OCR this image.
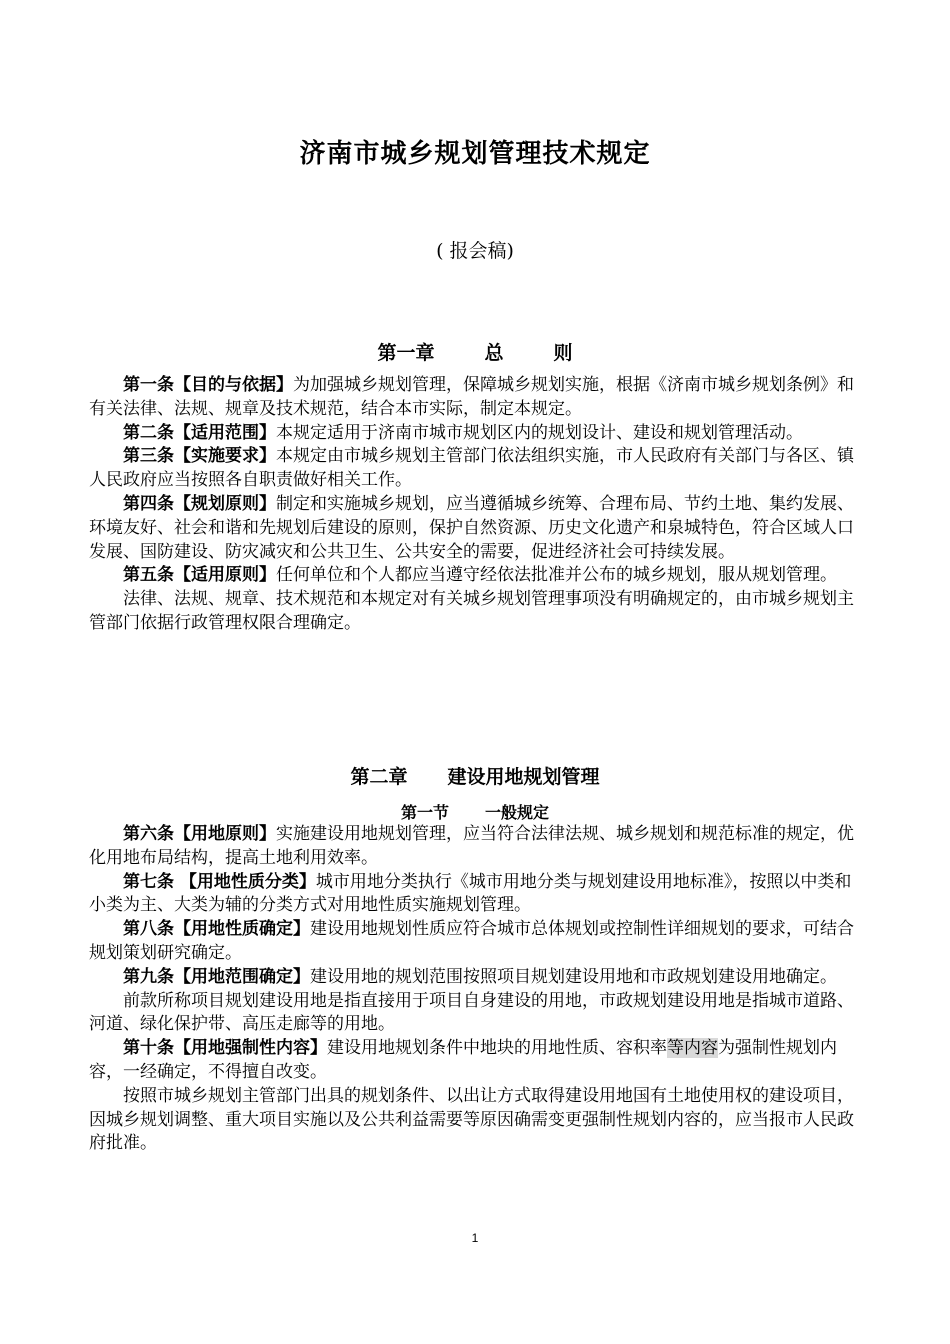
济南市城乡规划管理技术规定
( 报会稿)
第一章	总	则

第一条【目的与依据】为加强城乡规划管理，保障城乡规划实施，根据《济南市城乡规划条例》和有关法律、法规、规章及技术规范，结合本市实际，制定本规定。

第二条【适用范围】本规定适用于济南市城市规划区内的规划设计、建设和规划管理活动。

第三条【实施要求】本规定由市城乡规划主管部门依法组织实施，市人民政府有关部门与各区、镇人民政府应当按照各自职责做好相关工作。

第四条【规划原则】制定和实施城乡规划，应当遵循城乡统筹、合理布局、节约土地、集约发展、环境友好、社会和谐和先规划后建设的原则，保护自然资源、历史文化遗产和泉城特色，符合区域人口发展、国防建设、防灾减灾和公共卫生、公共安全的需要，促进经济社会可持续发展。

第五条【适用原则】任何单位和个人都应当遵守经依法批准并公布的城乡规划，服从规划管理。

法律、法规、规章、技术规范和本规定对有关城乡规划管理事项没有明确规定的，由市城乡规划主管部门依据行政管理权限合理确定。

第二章 建设用地规划管理
第一节 一般规定

第六条【用地原则】实施建设用地规划管理，应当符合法律法规、城乡规划和规范标准的规定，优化用地布局结构，提高土地利用效率。

第七条 【用地性质分类】城市用地分类执行《城市用地分类与规划建设用地标准》，按照以中类和小类为主、大类为辅的分类方式对用地性质实施规划管理。

第八条【用地性质确定】建设用地规划性质应符合城市总体规划或控制性详细规划的要求，可结合规划策划研究确定。

第九条【用地范围确定】建设用地的规划范围按照项目规划建设用地和市政规划建设用地确定。

前款所称项目规划建设用地是指直接用于项目自身建设的用地，市政规划建设用地是指城市道路、河道、绿化保护带、高压走廊等的用地。

第十条【用地强制性内容】建设用地规划条件中地块的用地性质、容积率等内容为强制性规划内容，一经确定，不得擅自改变。

按照市城乡规划主管部门出具的规划条件、以出让方式取得建设用地国有土地使用权的建设项目，因城乡规划调整、重大项目实施以及公共利益需要等原因确需变更强制性规划内容的，应当报市人民政府批准。

1
